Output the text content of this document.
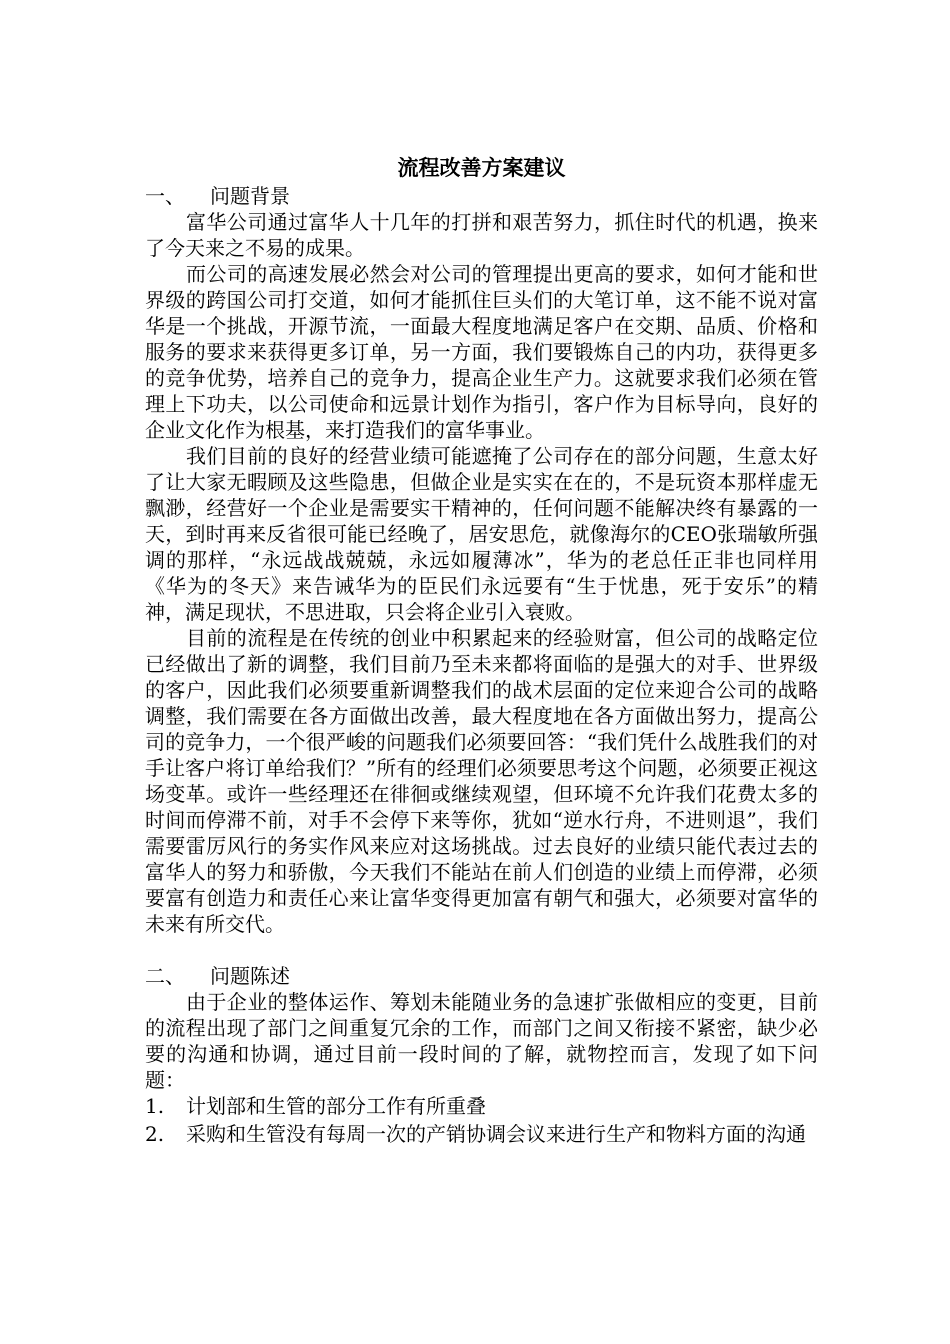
流程改善方案建议
一、 问题背景

富华公司通过富华人十几年的打拼和艰苦努力，抓住时代的机遇，换来了今天来之不易的成果。

而公司的高速发展必然会对公司的管理提出更高的要求，如何才能和世界级的跨国公司打交道，如何才能抓住巨头们的大笔订单，这不能不说对富华是一个挑战，开源节流，一面最大程度地满足客户在交期、品质、价格和服务的要求来获得更多订单，另一方面，我们要锻炼自己的内功，获得更多的竞争优势，培养自己的竞争力，提高企业生产力。这就要求我们必须在管理上下功夫，以公司使命和远景计划作为指引，客户作为目标导向，良好的企业文化作为根基，来打造我们的富华事业。

我们目前的良好的经营业绩可能遮掩了公司存在的部分问题，生意太好了让大家无暇顾及这些隐患，但做企业是实实在在的，不是玩资本那样虚无飘渺，经营好一个企业是需要实干精神的，任何问题不能解决终有暴露的一天，到时再来反省很可能已经晚了，居安思危，就像海尔的CEO张瑞敏所强调的那样，“永远战战兢兢，永远如履薄冰”，华为的老总任正非也同样用《华为的冬天》来告诫华为的臣民们永远要有“生于忧患，死于安乐”的精神，满足现状，不思进取，只会将企业引入衰败。

目前的流程是在传统的创业中积累起来的经验财富，但公司的战略定位已经做出了新的调整，我们目前乃至未来都将面临的是强大的对手、世界级的客户，因此我们必须要重新调整我们的战术层面的定位来迎合公司的战略调整，我们需要在各方面做出改善，最大程度地在各方面做出努力，提高公司的竞争力，一个很严峻的问题我们必须要回答：“我们凭什么战胜我们的对手让客户将订单给我们？”所有的经理们必须要思考这个问题，必须要正视这场变革。或许一些经理还在徘徊或继续观望，但环境不允许我们花费太多的时间而停滞不前，对手不会停下来等你，犹如“逆水行舟，不进则退”，我们需要雷厉风行的务实作风来应对这场挑战。过去良好的业绩只能代表过去的富华人的努力和骄傲，今天我们不能站在前人们创造的业绩上而停滞，必须要富有创造力和责任心来让富华变得更加富有朝气和强大，必须要对富华的未来有所交代。

二、 问题陈述

由于企业的整体运作、筹划未能随业务的急速扩张做相应的变更，目前的流程出现了部门之间重复冗余的工作，而部门之间又衔接不紧密，缺少必要的沟通和协调，通过目前一段时间的了解，就物控而言，发现了如下问题：

1.	计划部和生管的部分工作有所重叠
2.	采购和生管没有每周一次的产销协调会议来进行生产和物料方面的沟通
